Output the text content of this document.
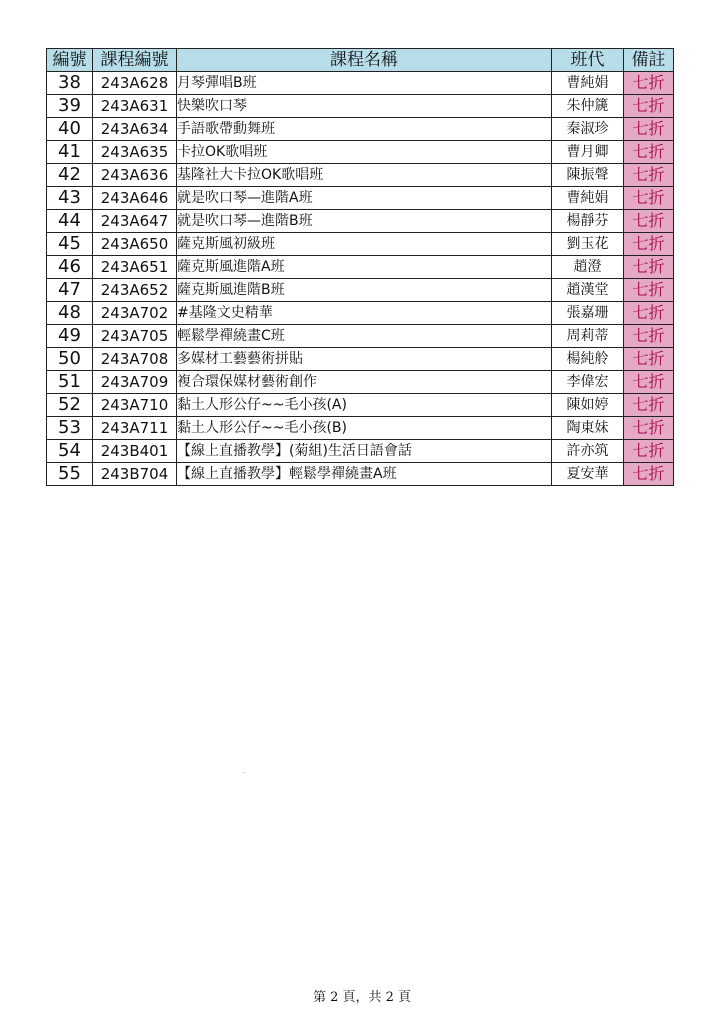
編號	課程編號	課程名稱	班代	備註
38	243A628	月琴彈唱B班	曹純娟	七折
39	243A631	快樂吹口琴	朱仲篪	七折
40	243A634	手語歌帶動舞班	秦淑珍	七折
41	243A635	卡拉OK歌唱班	曹月卿	七折
42	243A636	基隆社大卡拉OK歌唱班	陳振聲	七折
43	243A646	就是吹口琴—進階A班	曹純娟	七折
44	243A647	就是吹口琴—進階B班	楊靜芬	七折
45	243A650	薩克斯風初級班	劉玉花	七折
46	243A651	薩克斯風進階A班	趙澄	七折
47	243A652	薩克斯風進階B班	趙漢堂	七折
48	243A702	#基隆文史精華	張嘉珊	七折
49	243A705	輕鬆學禪繞畫C班	周莉蒂	七折
50	243A708	多媒材工藝藝術拼貼	楊純舲	七折
51	243A709	複合環保媒材藝術創作	李偉宏	七折
52	243A710	黏土人形公仔~~毛小孩(A)	陳如婷	七折
53	243A711	黏土人形公仔~~毛小孩(B)	陶東妹	七折
54	243B401	【線上直播教學】(菊組)生活日語會話	許亦筑	七折
55	243B704	【線上直播教學】輕鬆學禪繞畫A班	夏安華	七折
第 2 頁，共 2 頁
